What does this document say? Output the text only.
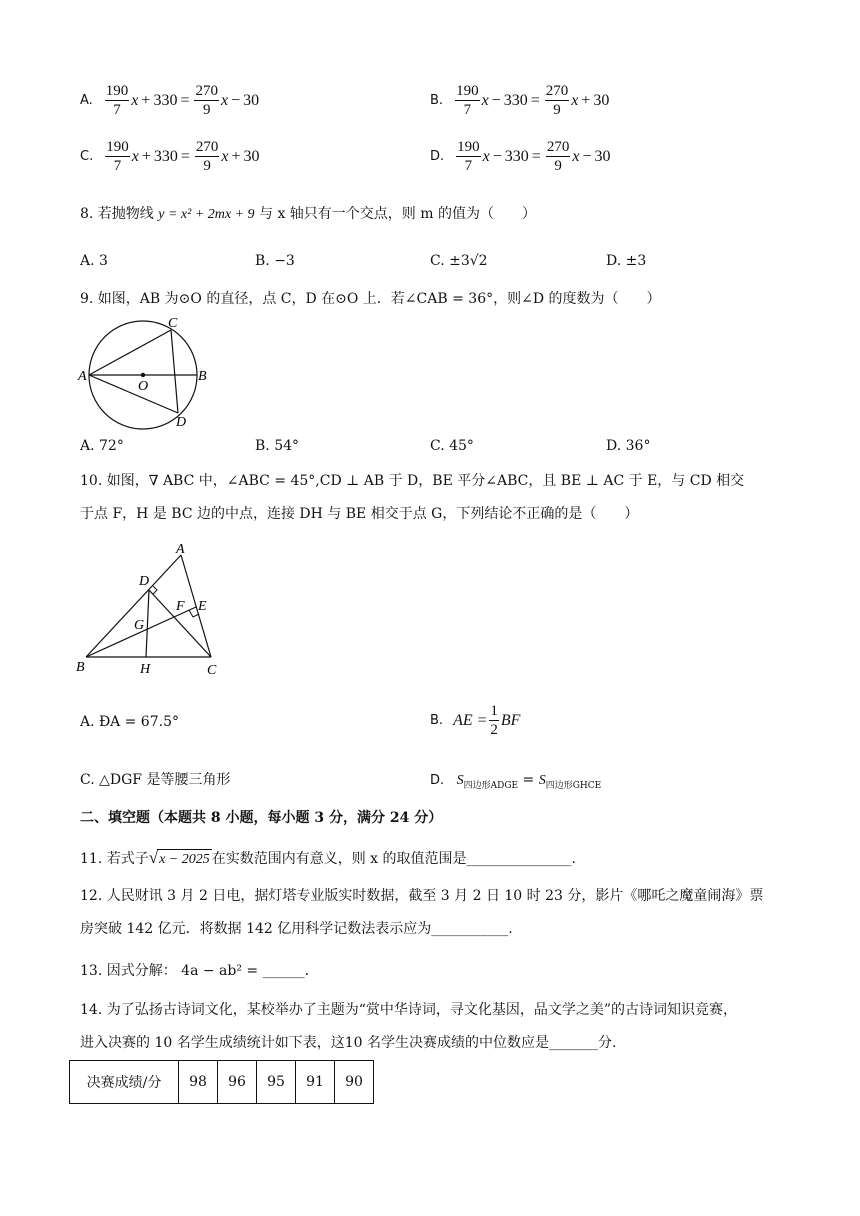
A. $\frac{190}{7}$ $x + 330 = \frac{270}{9}$ x − 30	B. $\frac{190}{7}$ $x - 330 = \frac{270}{9}$ x + 30
C. $\frac{190}{7}$ $x + 330 = \frac{270}{9}$ x + 30	D. $\frac{190}{7}$ $x - 330 = \frac{270}{9}$ x − 30
8. 若抛物线 y = x² + 2mx + 9 与 x 轴只有一个交点，则 m 的值为（　　）
A. 3	B. −3	C. ±3√2	D. ±3
9. 如图，AB 为⊙O 的直径，点 C，D 在⊙O 上．若∠CAB = 36°，则∠D 的度数为（　　）
A	B
C
D
O
A. 72°	B. 54°	C. 45°	D. 36°
10. 如图，∇ ABC 中，∠ABC = 45°,CD ⊥ AB 于 D，BE 平分∠ABC，且 BE ⊥ AC 于 E，与 CD 相交
于点 F，H 是 BC 边的中点，连接 DH 与 BE 相交于点 G，下列结论不正确的是（　　）
A
B	C
D
E
F
G
H
A. ÐA = 67.5°	B. AE = $\frac{1}{2}$ BF
C. △DGF 是等腰三角形	D. $S_{四边形ADGE} = S_{四边形GHCE}$
二、填空题（本题共 8 小题，每小题 3 分，满分 24 分）
11. 若式子√x − 2025 在实数范围内有意义，则 x 的取值范围是_______________.
12. 人民财讯 3 月 2 日电，据灯塔专业版实时数据，截至 3 月 2 日 10 时 23 分，影片《哪吒之魔童闹海》票
房突破 142 亿元．将数据 142 亿用科学记数法表示应为___________.
13. 因式分解： 4a − ab² = ______.
14. 为了弘扬古诗词文化，某校举办了主题为“赏中华诗词，寻文化基因，品文学之美”的古诗词知识竞赛，
进入决赛的 10 名学生成绩统计如下表，这10 名学生决赛成绩的中位数应是_______分.
决赛成绩/分	98	96	95	91	90
